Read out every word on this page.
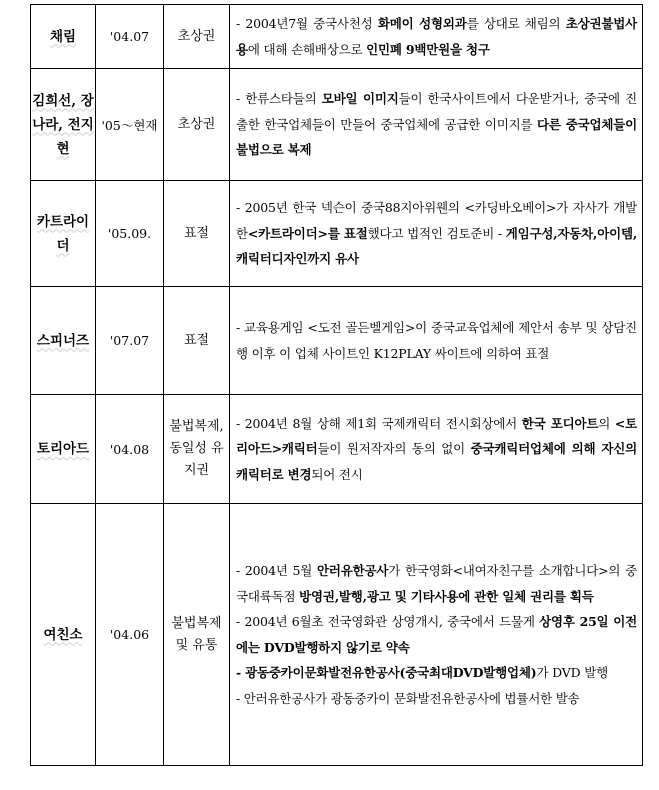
채림	'04.07	초상권	- 2004년7월 중국사천성 화메이 성형외과를 상대로 채림의 초상권불법사용에 대해 손해배상으로 인민폐 9백만원을 청구

김희선, 장나라, 전지현	'05～현재	초상권	- 한류스타들의 모바일 이미지들이 한국사이트에서 다운받거나, 중국에 진출한 한국업체들이 만들어 중국업체에 공급한 이미지를 다른 중국업체들이 불법으로 복제

카트라이더	'05.09.	표절	- 2005년 한국 넥슨이 중국88지아위웬의 <카딩바오베이>가 자사가 개발한<카트라이더>를 표절했다고 법적인 검토준비 - 게임구성,자동차,아이템,캐릭터디자인까지 유사

스피너즈	'07.07	표절	- 교육용게임 <도전 골든벨게임>이 중국교육업체에 제안서 송부 및 상담진행 이후 이 업체 사이트인 K12PLAY 싸이트에 의하여 표절

토리아드	'04.08	불법복제, 동일성 유지권	- 2004년 8월 상해 제1회 국제캐릭터 전시회상에서 한국 포디아트의 <토리아드>캐릭터들이 원저작자의 동의 없이 중국캐릭터업체에 의해 자신의 캐릭터로 변경되어 전시

여친소	'04.06	불법복제 및 유통	- 2004년 5월 안러유한공사가 한국영화<내여자친구를 소개합니다>의 중국대륙독점 방영권,발행,광고 및 기타사용에 관한 일체 권리를 획득

- 2004년 6월초 전국영화관 상영개시, 중국에서 드물게 상영후 25일 이전에는 DVD발행하지 않기로 약속

- 광동중카이문화발전유한공사(중국최대DVD발행업체)가 DVD 발행

- 안러유한공사가 광동중카이 문화발전유한공사에 법률서한 발송
